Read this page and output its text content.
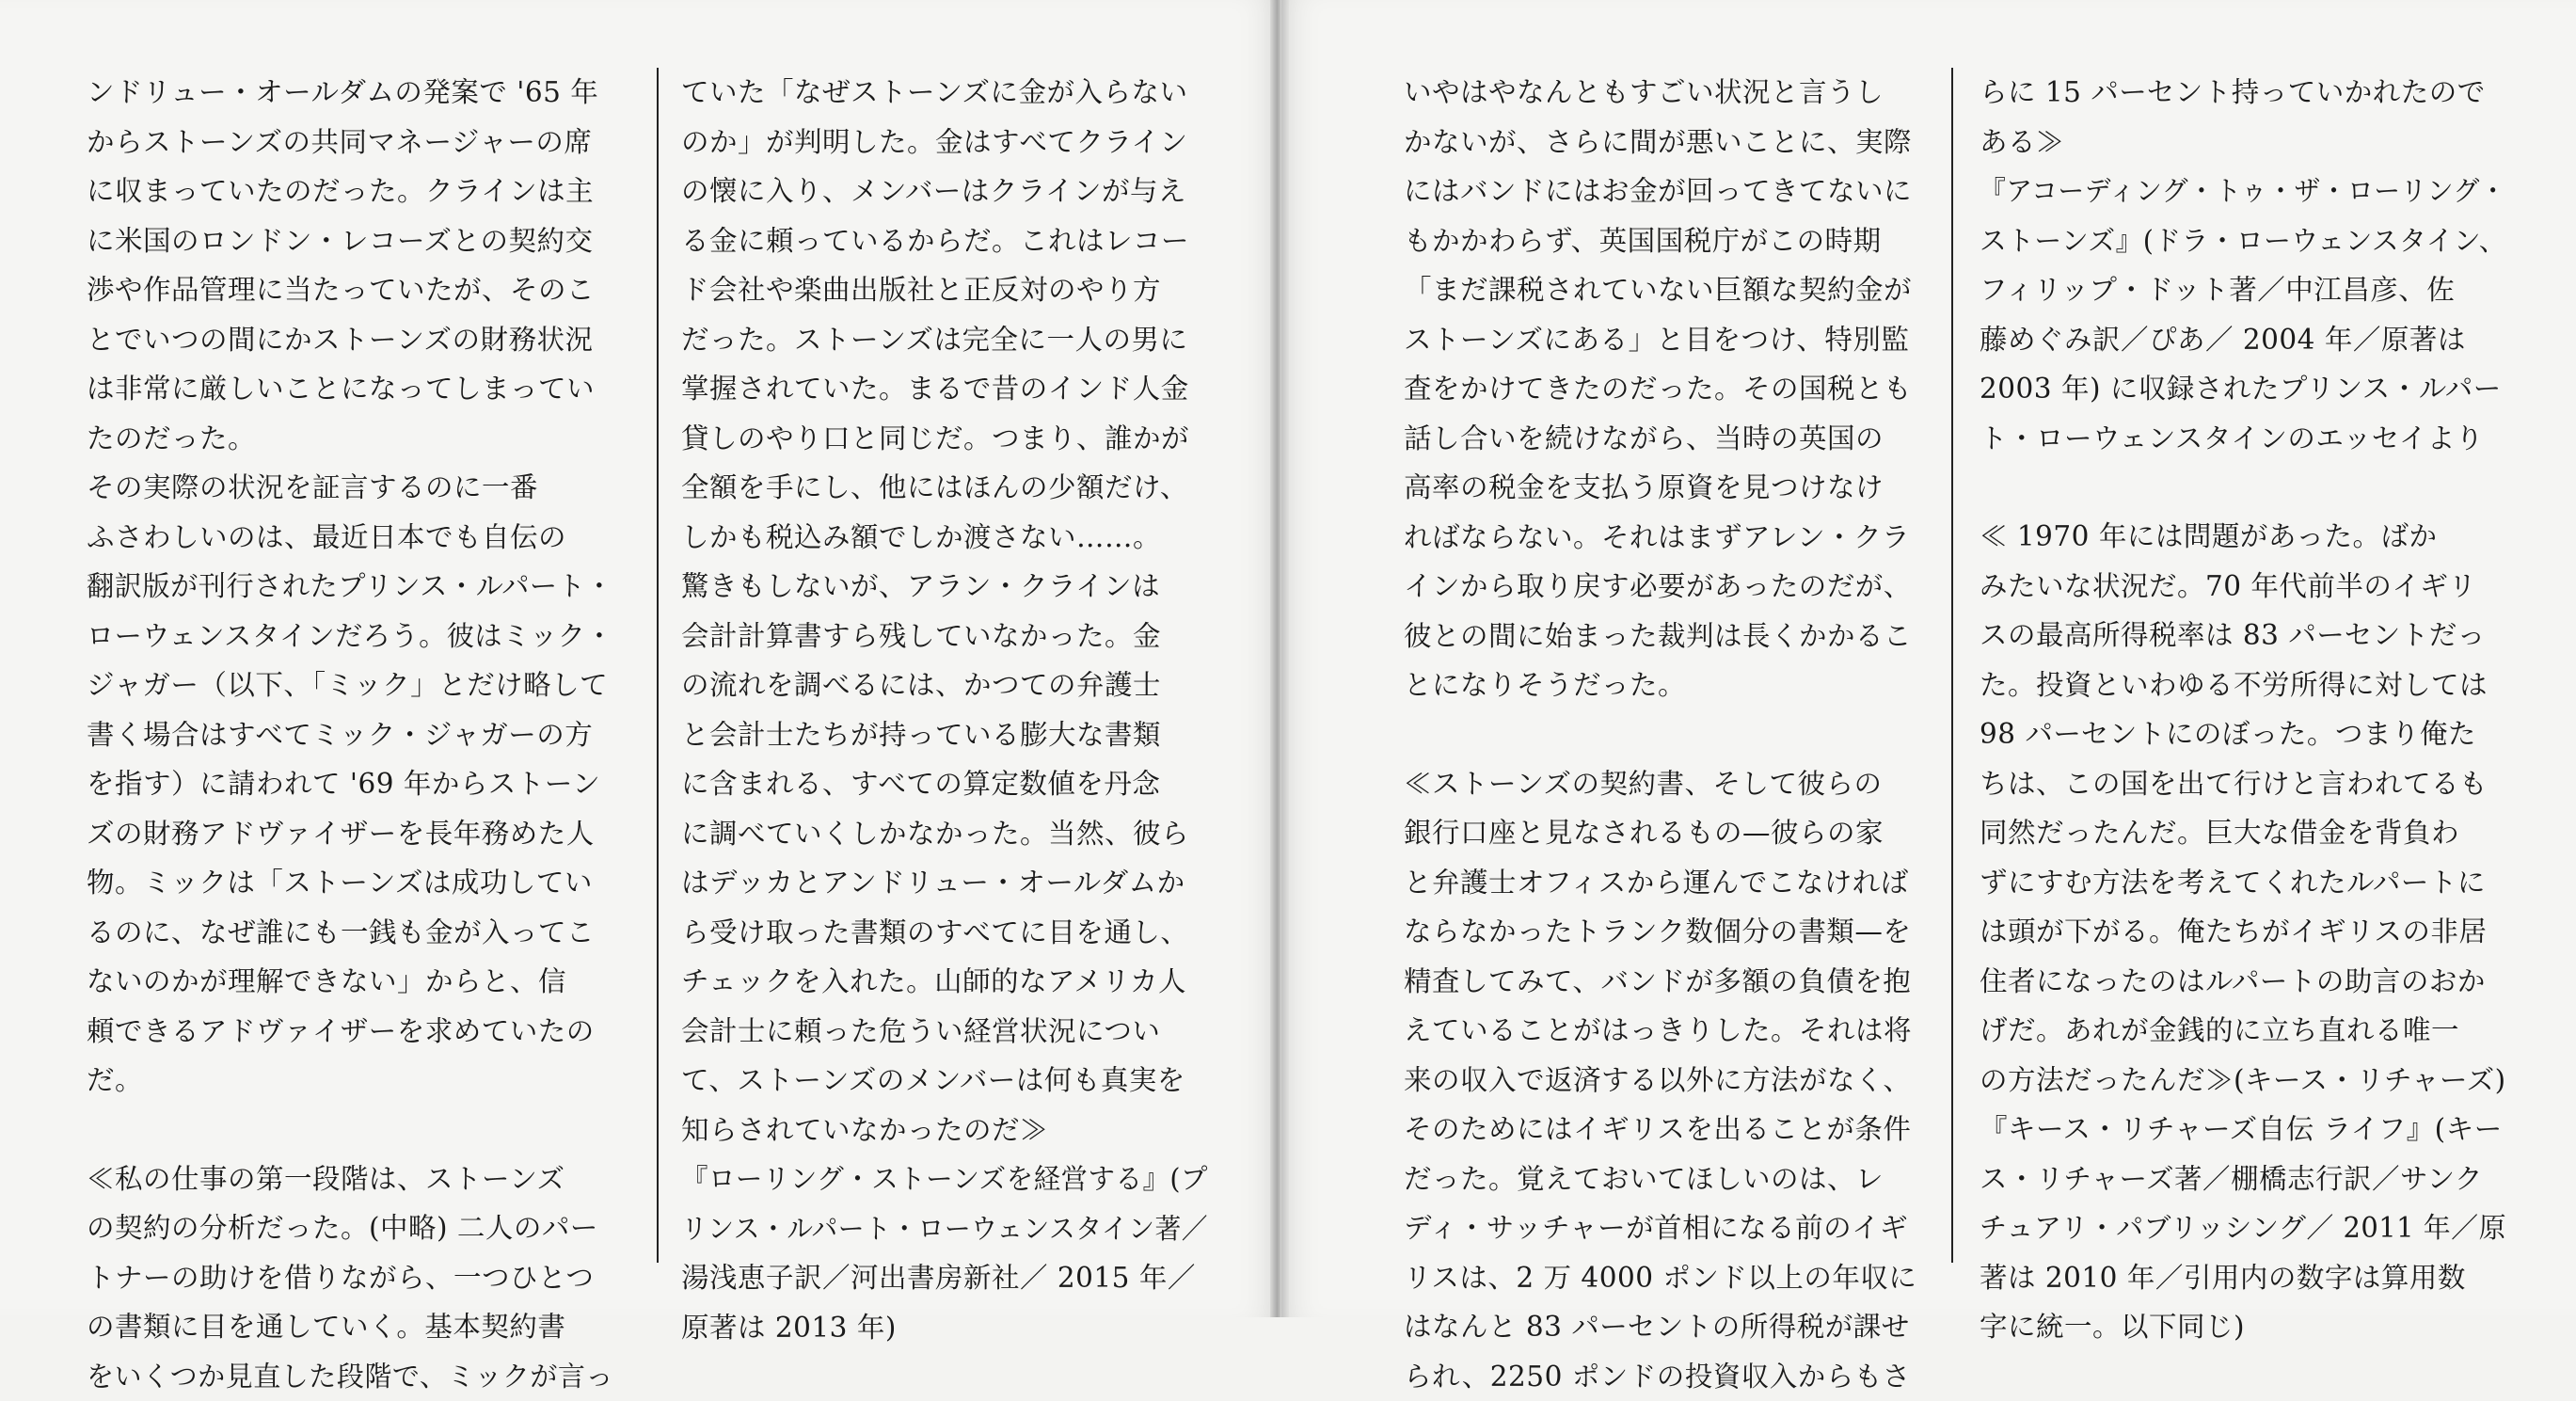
ンドリュー・オールダムの発案で '65 年

からストーンズの共同マネージャーの席

に収まっていたのだった。クラインは主

に米国のロンドン・レコーズとの契約交

渉や作品管理に当たっていたが、そのこ

とでいつの間にかストーンズの財務状況

は非常に厳しいことになってしまってい

たのだった。

その実際の状況を証言するのに一番

ふさわしいのは、最近日本でも自伝の

翻訳版が刊行されたプリンス・ルパート・

ローウェンスタインだろう。彼はミック・

ジャガー（以下、「ミック」とだけ略して

書く場合はすべてミック・ジャガーの方

を指す）に請われて '69 年からストーン

ズの財務アドヴァイザーを長年務めた人

物。ミックは「ストーンズは成功してい

るのに、なぜ誰にも一銭も金が入ってこ

ないのかが理解できない」からと、信

頼できるアドヴァイザーを求めていたの

だ。

≪私の仕事の第一段階は、ストーンズ

の契約の分析だった。(中略) 二人のパー

トナーの助けを借りながら、一つひとつ

の書類に目を通していく。基本契約書

をいくつか見直した段階で、ミックが言っ

ていた「なぜストーンズに金が入らない

のか」が判明した。金はすべてクライン

の懐に入り、メンバーはクラインが与え

る金に頼っているからだ。これはレコー

ド会社や楽曲出版社と正反対のやり方

だった。ストーンズは完全に一人の男に

掌握されていた。まるで昔のインド人金

貸しのやり口と同じだ。つまり、誰かが

全額を手にし、他にはほんの少額だけ、

しかも税込み額でしか渡さない……。

驚きもしないが、アラン・クラインは

会計計算書すら残していなかった。金

の流れを調べるには、かつての弁護士

と会計士たちが持っている膨大な書類

に含まれる、すべての算定数値を丹念

に調べていくしかなかった。当然、彼ら

はデッカとアンドリュー・オールダムか

ら受け取った書類のすべてに目を通し、

チェックを入れた。山師的なアメリカ人

会計士に頼った危うい経営状況につい

て、ストーンズのメンバーは何も真実を

知らされていなかったのだ≫

『ローリング・ストーンズを経営する』(プ

リンス・ルパート・ローウェンスタイン著／

湯浅恵子訳／河出書房新社／ 2015 年／

原著は 2013 年)

いやはやなんともすごい状況と言うし

かないが、さらに間が悪いことに、実際

にはバンドにはお金が回ってきてないに

もかかわらず、英国国税庁がこの時期

「まだ課税されていない巨額な契約金が

ストーンズにある」と目をつけ、特別監

査をかけてきたのだった。その国税とも

話し合いを続けながら、当時の英国の

高率の税金を支払う原資を見つけなけ

ればならない。それはまずアレン・クラ

インから取り戻す必要があったのだが、

彼との間に始まった裁判は長くかかるこ

とになりそうだった。

≪ストーンズの契約書、そして彼らの

銀行口座と見なされるもの—彼らの家

と弁護士オフィスから運んでこなければ

ならなかったトランク数個分の書類—を

精査してみて、バンドが多額の負債を抱

えていることがはっきりした。それは将

来の収入で返済する以外に方法がなく、

そのためにはイギリスを出ることが条件

だった。覚えておいてほしいのは、レ

ディ・サッチャーが首相になる前のイギ

リスは、2 万 4000 ポンド以上の年収に

はなんと 83 パーセントの所得税が課せ

られ、2250 ポンドの投資収入からもさ

らに 15 パーセント持っていかれたので

ある≫

『アコーディング・トゥ・ザ・ローリング・

ストーンズ』(ドラ・ローウェンスタイン、

フィリップ・ドット著／中江昌彦、佐

藤めぐみ訳／ぴあ／ 2004 年／原著は

2003 年) に収録されたプリンス・ルパー

ト・ローウェンスタインのエッセイより

≪ 1970 年には問題があった。ばか

みたいな状況だ。70 年代前半のイギリ

スの最高所得税率は 83 パーセントだっ

た。投資といわゆる不労所得に対しては

98 パーセントにのぼった。つまり俺た

ちは、この国を出て行けと言われてるも

同然だったんだ。巨大な借金を背負わ

ずにすむ方法を考えてくれたルパートに

は頭が下がる。俺たちがイギリスの非居

住者になったのはルパートの助言のおか

げだ。あれが金銭的に立ち直れる唯一

の方法だったんだ≫(キース・リチャーズ)

『キース・リチャーズ自伝 ライフ』(キー

ス・リチャーズ著／棚橋志行訳／サンク

チュアリ・パブリッシング／ 2011 年／原

著は 2010 年／引用内の数字は算用数

字に統一。以下同じ)
